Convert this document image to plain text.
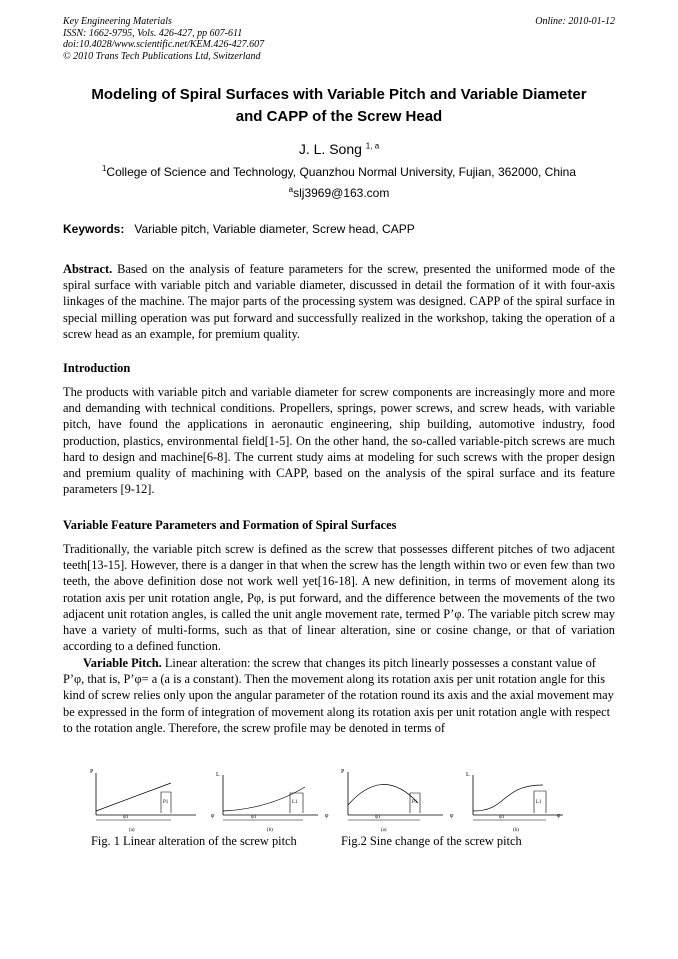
Key Engineering Materials
ISSN: 1662-9795, Vols. 426-427, pp 607-611
doi:10.4028/www.scientific.net/KEM.426-427.607
© 2010 Trans Tech Publications Ltd, Switzerland
Online: 2010-01-12
Modeling of Spiral Surfaces with Variable Pitch and Variable Diameter
and CAPP of the Screw Head
J. L. Song $^{1, a}$
$^1$College of Science and Technology, Quanzhou Normal University, Fujian, 362000, China
$^a$slj3969@163.com
Keywords: Variable pitch, Variable diameter, Screw head, CAPP
Abstract. Based on the analysis of feature parameters for the screw, presented the uniformed mode of the spiral surface with variable pitch and variable diameter, discussed in detail the formation of it with four-axis linkages of the machine. The major parts of the processing system was designed. CAPP of the spiral surface in special milling operation was put forward and successfully realized in the workshop, taking the operation of a screw head as an example, for premium quality.
Introduction
The products with variable pitch and variable diameter for screw components are increasingly more and more and demanding with technical conditions. Propellers, springs, power screws, and screw heads, with variable pitch, have found the applications in aeronautic engineering, ship building, automotive industry, food production, plastics, environmental field[1-5]. On the other hand, the so-called variable-pitch screws are much hard to design and machine[6-8]. The current study aims at modeling for such screws with the proper design and premium quality of machining with CAPP, based on the analysis of the spiral surface and its feature parameters [9-12].
Variable Feature Parameters and Formation of Spiral Surfaces
Traditionally, the variable pitch screw is defined as the screw that possesses different pitches of two adjacent teeth[13-15]. However, there is a danger in that when the screw has the length within two or even few than two teeth, the above definition dose not work well yet[16-18]. A new definition, in terms of movement along its rotation axis per unit rotation angle, Pφ, is put forward, and the difference between the movements of the two adjacent unit rotation angles, is called the unit angle movement rate, termed P’φ. The variable pitch screw may have a variety of multi-forms, such as that of linear alteration, sine or cosine change, or that of variation according to a defined function.
Variable Pitch. Linear alteration: the screw that changes its pitch linearly possesses a constant value of P’φ, that is, P’φ= a (a is a constant). Then the movement along its rotation axis per unit rotation angle for this kind of screw relies only upon the angular parameter of the rotation round its axis and the axial movement may be expressed in the form of integration of movement along its rotation axis per unit rotation angle with respect to the rotation angle. Therefore, the screw profile may be denoted in terms of
P
φ
P1
φ1
(a)
L
φ
L1
φ1
(b)
P
φ
P1
φ1
(a)
L
φ
L1
φ1
(b)
Fig. 1 Linear alteration of the screw pitch	Fig.2 Sine change of the screw pitch
